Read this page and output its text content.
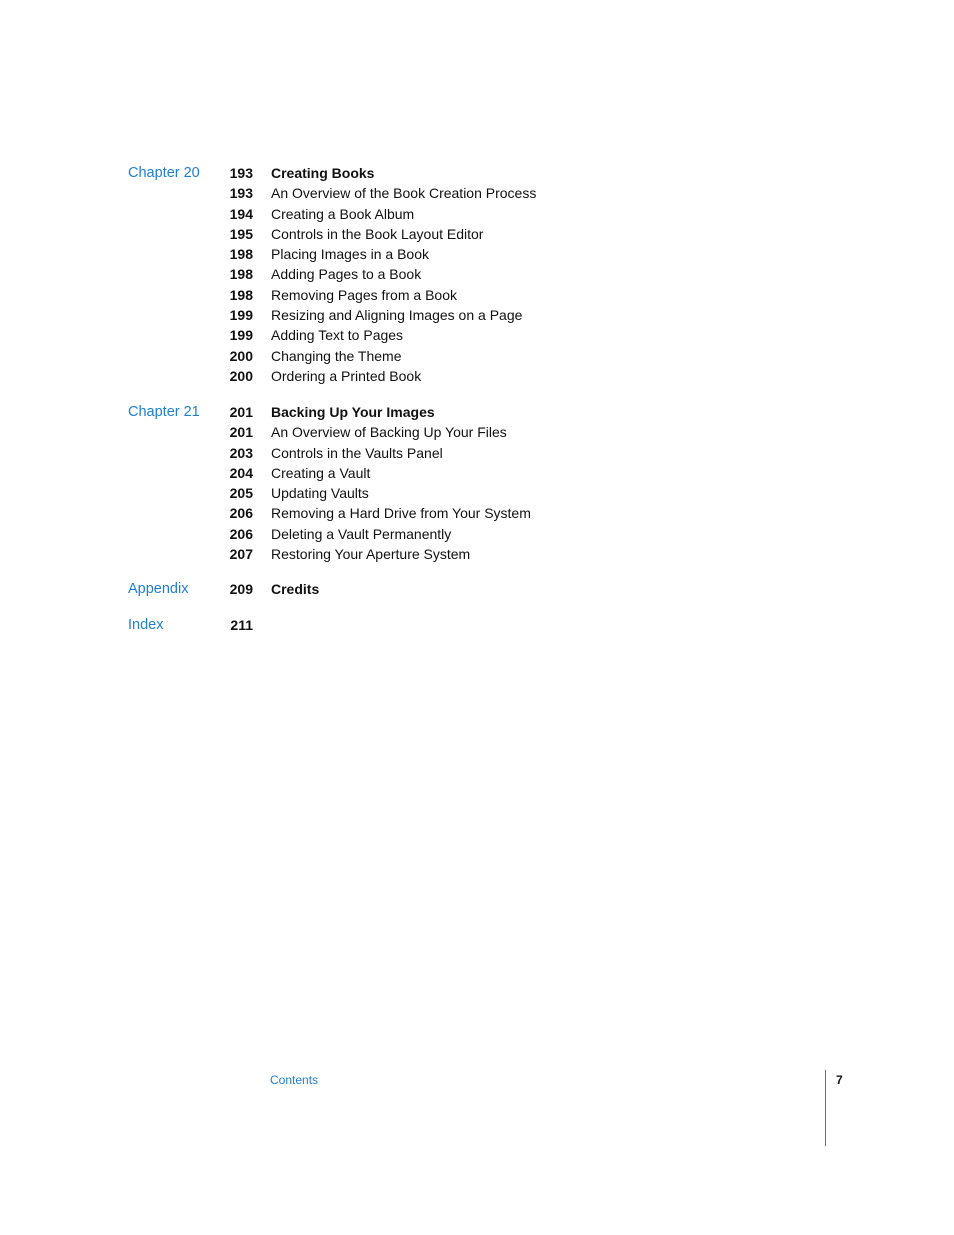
Chapter 20 193 Creating Books
193 An Overview of the Book Creation Process
194 Creating a Book Album
195 Controls in the Book Layout Editor
198 Placing Images in a Book
198 Adding Pages to a Book
198 Removing Pages from a Book
199 Resizing and Aligning Images on a Page
199 Adding Text to Pages
200 Changing the Theme
200 Ordering a Printed Book
Chapter 21 201 Backing Up Your Images
201 An Overview of Backing Up Your Files
203 Controls in the Vaults Panel
204 Creating a Vault
205 Updating Vaults
206 Removing a Hard Drive from Your System
206 Deleting a Vault Permanently
207 Restoring Your Aperture System
Appendix	209 Credits
Index	211
Contents	7
